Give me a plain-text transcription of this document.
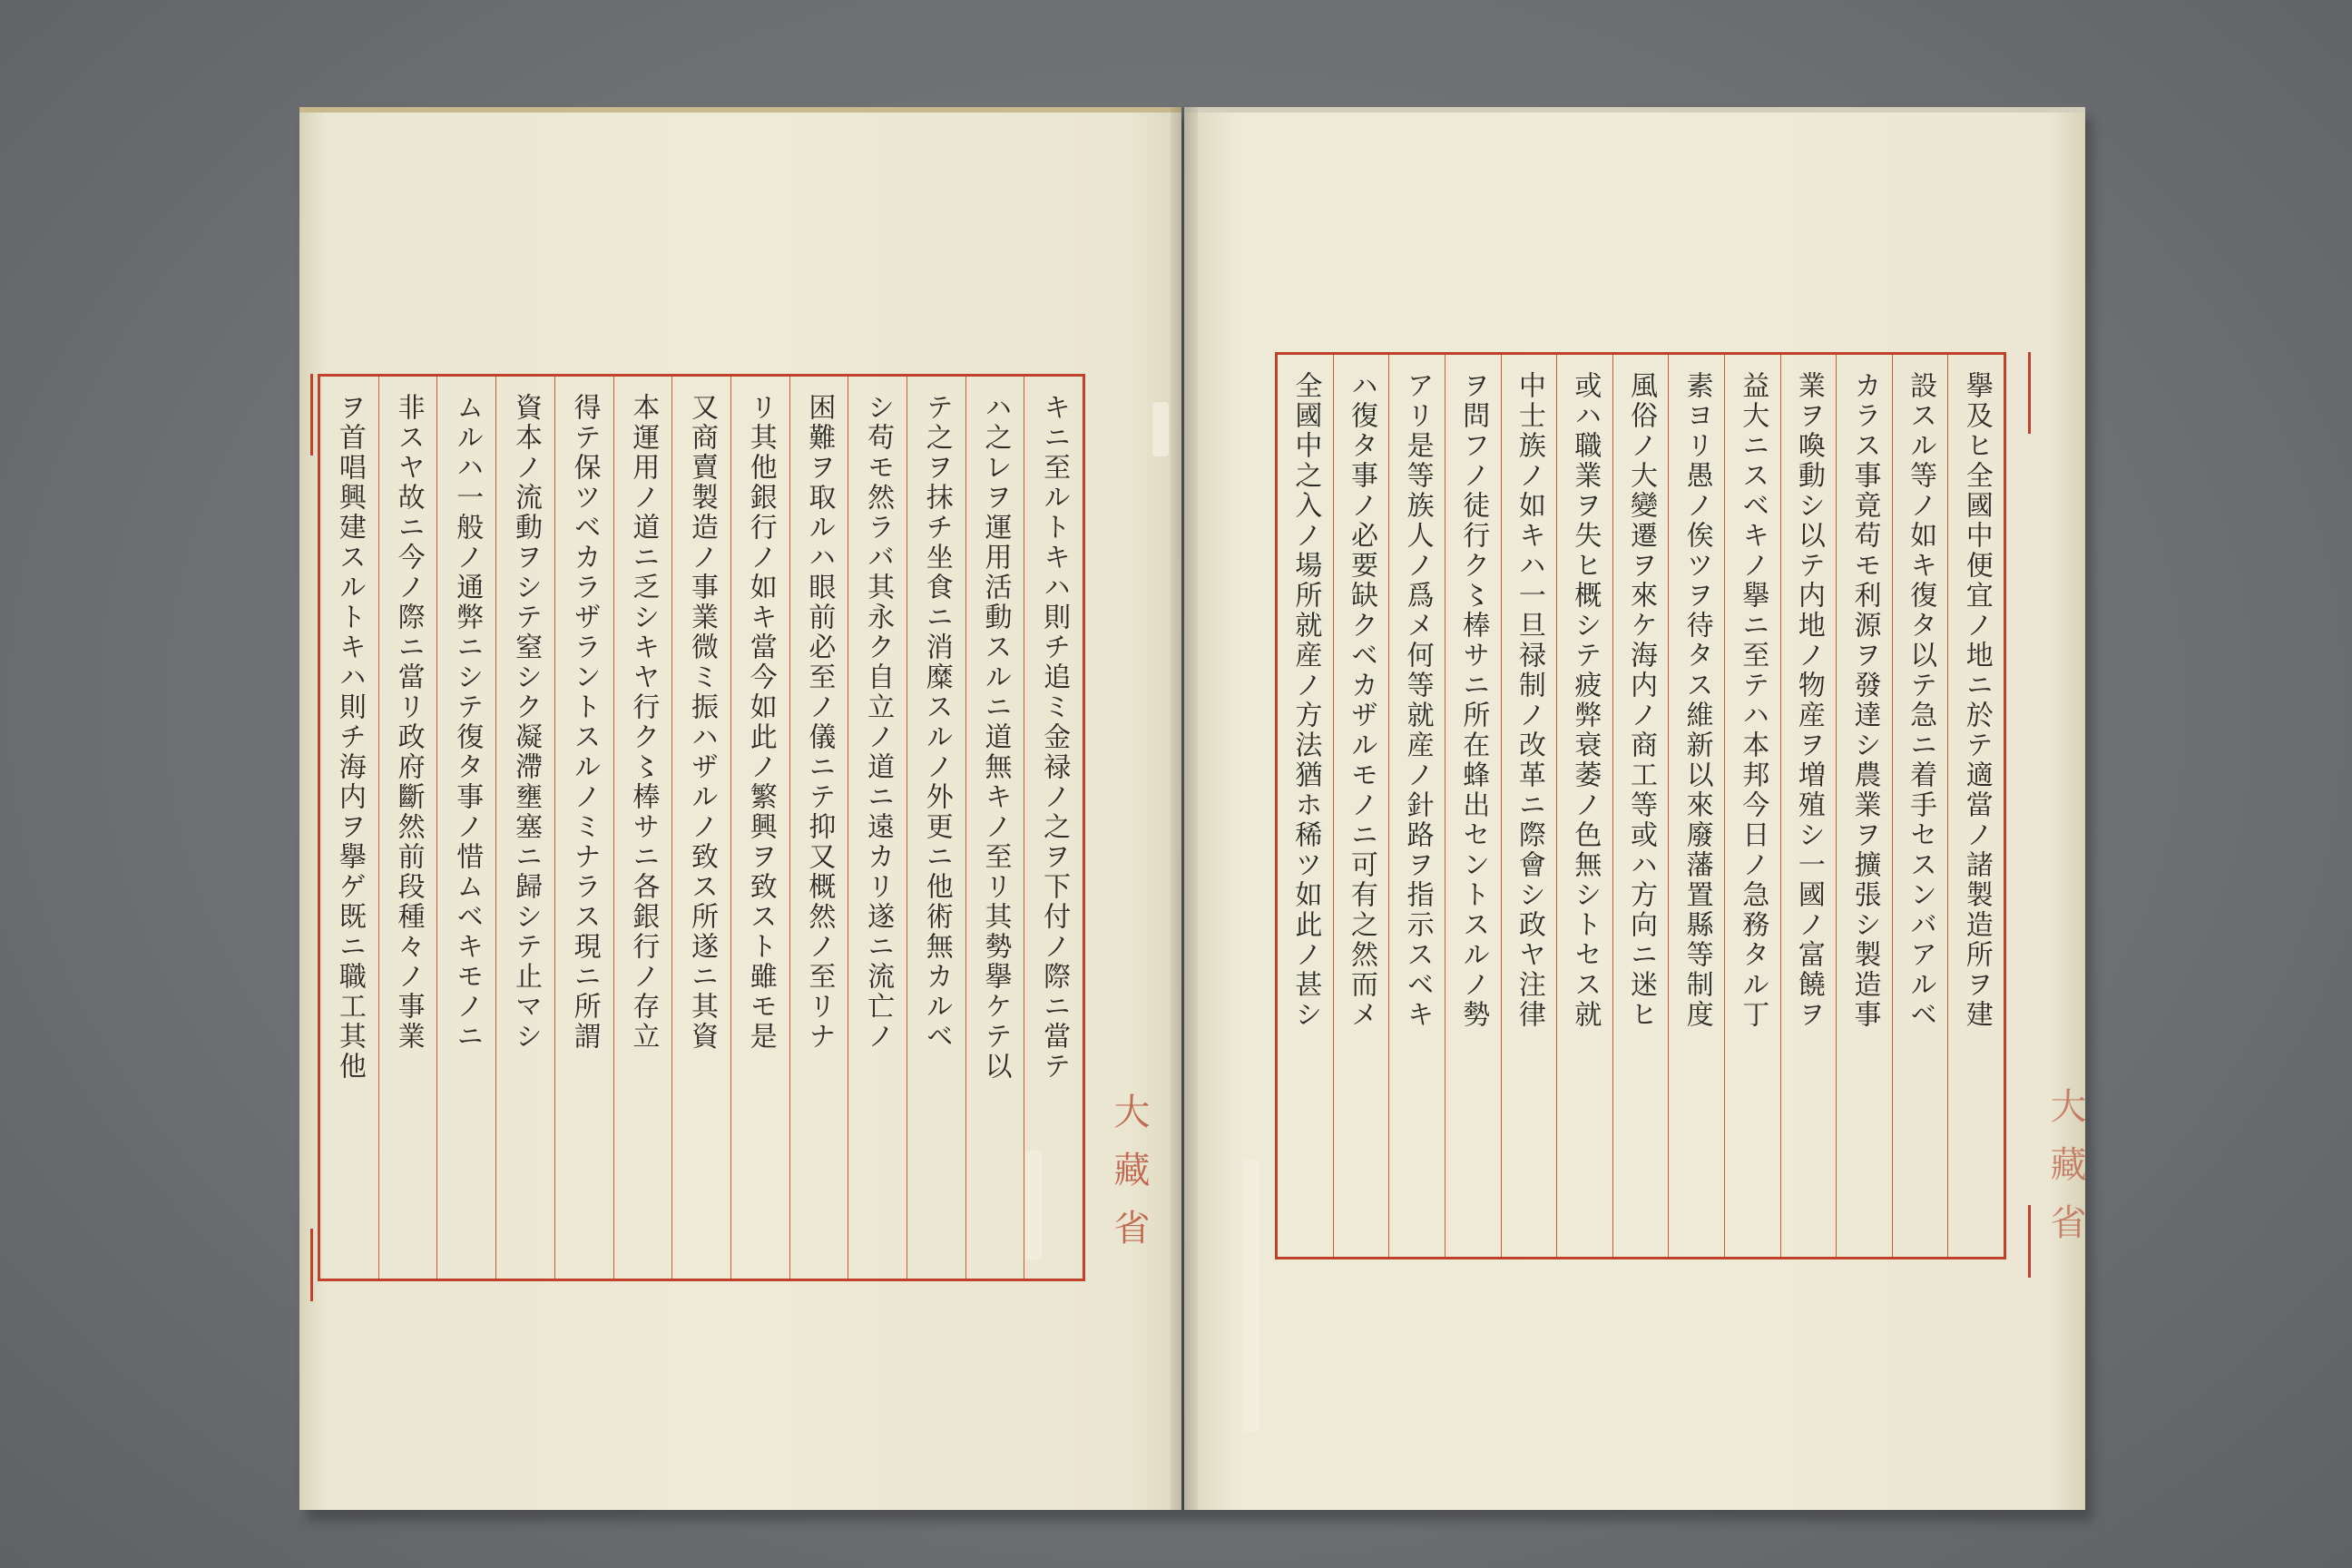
キニ至ルトキハ則チ追ミ金禄ノ之ヲ下付ノ際ニ當テ
ハ之レヲ運用活動スルニ道無キノ至リ其勢擧ケテ以
テ之ヲ抹チ坐食ニ消糜スルノ外更ニ他術無カルベ
シ苟モ然ラバ其永ク自立ノ道ニ遠カリ遂ニ流亡ノ
困難ヲ取ルハ眼前必至ノ儀ニテ抑又概然ノ至リナ
リ其他銀行ノ如キ當今如此ノ繁興ヲ致スト雖モ是
又商賣製造ノ事業微ミ振ハザルノ致ス所遂ニ其資
本運用ノ道ニ乏シキヤ行ク〻棒サニ各銀行ノ存立
得テ保ツベカラザラントスルノミナラス現ニ所謂
資本ノ流動ヲシテ窒シク凝滯壅塞ニ歸シテ止マシ
ムルハ一般ノ通弊ニシテ復タ事ノ惜ムベキモノニ
非スヤ故ニ今ノ際ニ當リ政府斷然前段種々ノ事業
ヲ首唱興建スルトキハ則チ海内ヲ擧ゲ既ニ職工其他
大藏省
擧及ヒ全國中便宜ノ地ニ於テ適當ノ諸製造所ヲ建
設スル等ノ如キ復タ以テ急ニ着手セスンバアルベ
カラス事竟苟モ利源ヲ發達シ農業ヲ擴張シ製造事
業ヲ喚動シ以テ内地ノ物産ヲ増殖シ一國ノ富饒ヲ
益大ニスベキノ擧ニ至テハ本邦今日ノ急務タル丁
素ヨリ愚ノ俟ツヲ待タス維新以來廢藩置縣等制度
風俗ノ大變遷ヲ來ケ海内ノ商工等或ハ方向ニ迷ヒ
或ハ職業ヲ失ヒ概シテ疲弊衰萎ノ色無シトセス就
中士族ノ如キハ一旦禄制ノ改革ニ際會シ政ヤ注律
ヲ問フノ徒行ク〻棒サニ所在蜂出セントスルノ勢
アリ是等族人ノ爲メ何等就産ノ針路ヲ指示スベキ
ハ復タ事ノ必要缺クベカザルモノニ可有之然而メ
全國中之入ノ場所就産ノ方法猶ホ稀ツ如此ノ甚シ
大藏省
